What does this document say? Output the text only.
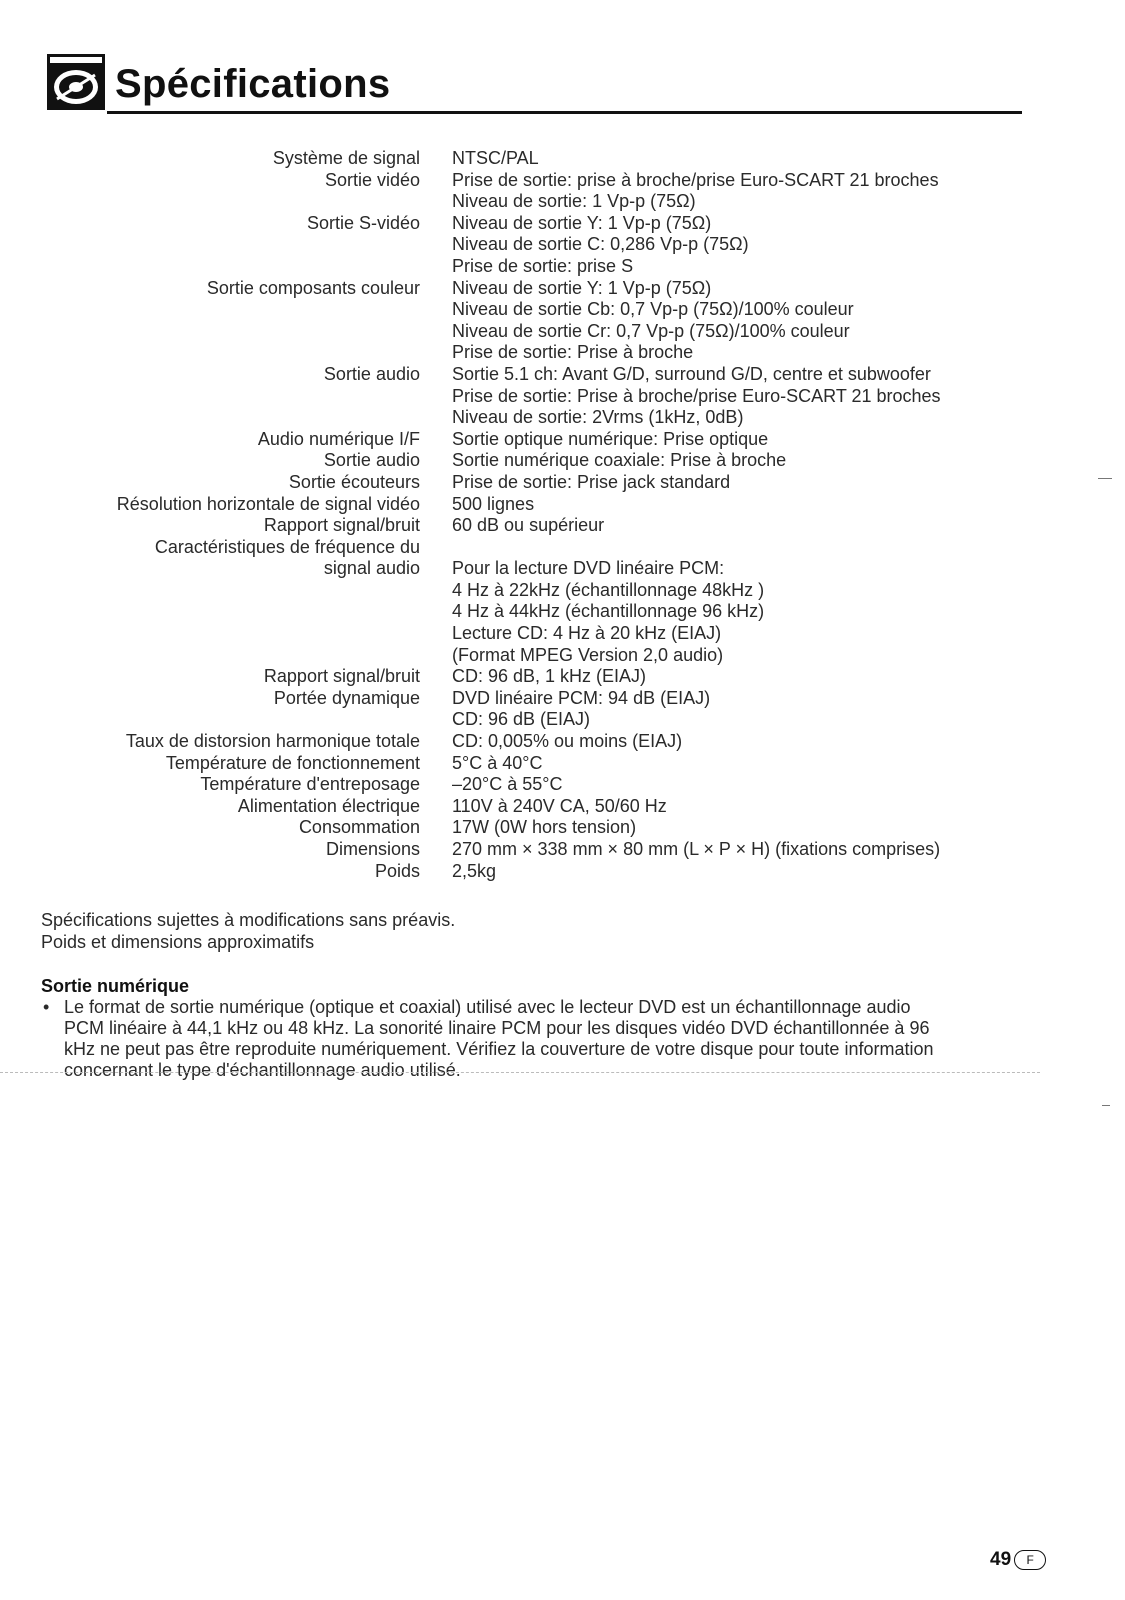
Spécifications
Système de signal NTSC/PAL
Sortie vidéo Prise de sortie: prise à broche/prise Euro-SCART 21 broches
Niveau de sortie: 1 Vp-p (75Ω)
Sortie S-vidéo Niveau de sortie Y: 1 Vp-p (75Ω)
Niveau de sortie C: 0,286 Vp-p (75Ω)
Prise de sortie: prise S
Sortie composants couleur Niveau de sortie Y: 1 Vp-p (75Ω)
Niveau de sortie Cb: 0,7 Vp-p (75Ω)/100% couleur
Niveau de sortie Cr: 0,7 Vp-p (75Ω)/100% couleur
Prise de sortie: Prise à broche
Sortie audio Sortie 5.1 ch: Avant G/D, surround G/D, centre et subwoofer
Prise de sortie: Prise à broche/prise Euro-SCART 21 broches
Niveau de sortie: 2Vrms (1kHz, 0dB)
Audio numérique I/F Sortie optique numérique: Prise optique
Sortie audio Sortie numérique coaxiale: Prise à broche
Sortie écouteurs Prise de sortie: Prise jack standard
Résolution horizontale de signal vidéo 500 lignes
Rapport signal/bruit 60 dB ou supérieur
Caractéristiques de fréquence du
signal audio
Pour la lecture DVD linéaire PCM:
4 Hz à 22kHz (échantillonnage 48kHz )
4 Hz à 44kHz (échantillonnage 96 kHz)
Lecture CD: 4 Hz à 20 kHz (EIAJ)
(Format MPEG Version 2,0 audio)
Rapport signal/bruit CD: 96 dB, 1 kHz (EIAJ)
Portée dynamique DVD linéaire PCM: 94 dB (EIAJ)
CD: 96 dB (EIAJ)
Taux de distorsion harmonique totale CD: 0,005% ou moins (EIAJ)
Température de fonctionnement 5°C à 40°C
Température d'entreposage –20°C à 55°C
Alimentation électrique 110V à 240V CA, 50/60 Hz
Consommation 17W (0W hors tension)
Dimensions 270 mm × 338 mm × 80 mm (L × P × H) (fixations comprises)
Poids 2,5kg
Spécifications sujettes à modifications sans préavis.
Poids et dimensions approximatifs
Sortie numérique
• Le format de sortie numérique (optique et coaxial) utilisé avec le lecteur DVD est un échantillonnage audio
PCM linéaire à 44,1 kHz ou 48 kHz. La sonorité linaire PCM pour les disques vidéo DVD échantillonnée à 96
kHz ne peut pas être reproduite numériquement. Vérifiez la couverture de votre disque pour toute information
concernant le type d'échantillonnage audio utilisé.
49	F
